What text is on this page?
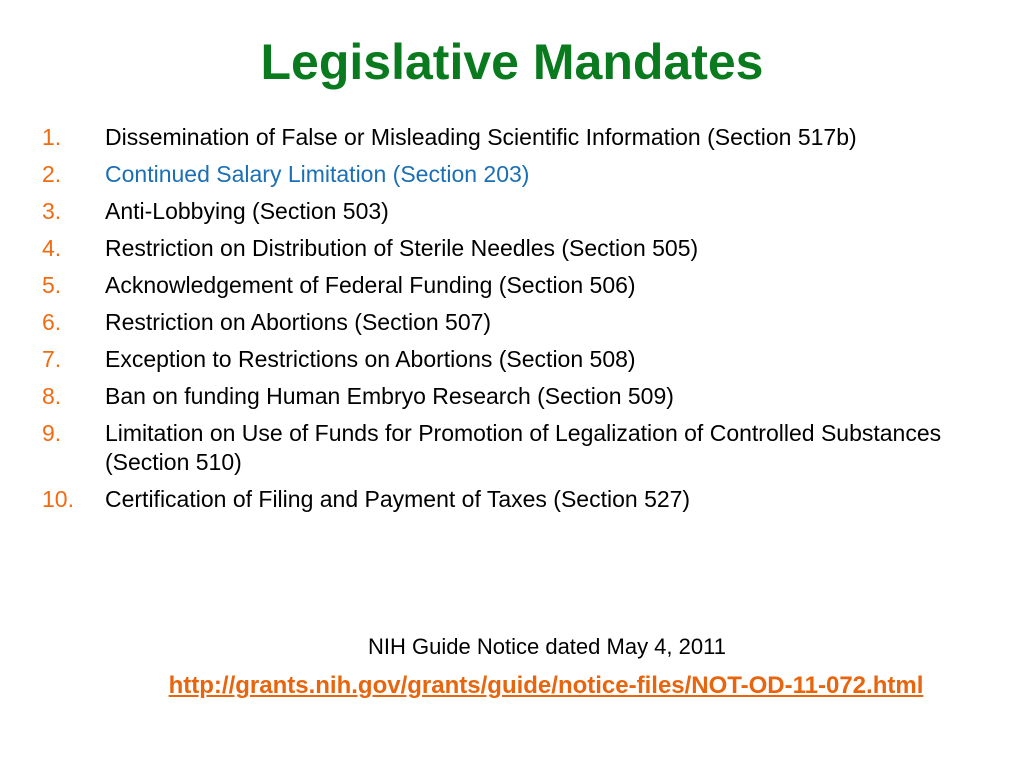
Legislative Mandates
1.	Dissemination of False or Misleading Scientific Information (Section 517b)
2.	Continued Salary Limitation (Section 203)
3.	Anti-Lobbying (Section 503)
4.	Restriction on Distribution of Sterile Needles (Section 505)
5.	Acknowledgement of Federal Funding (Section 506)
6.	Restriction on Abortions (Section 507)
7.	Exception to Restrictions on Abortions (Section 508)
8.	Ban on funding Human Embryo Research (Section 509)
9.	Limitation on Use of Funds for Promotion of Legalization of Controlled Substances (Section 510)
10.	Certification of Filing and Payment of Taxes (Section 527)
NIH Guide Notice dated May 4, 2011
http://grants.nih.gov/grants/guide/notice-files/NOT-OD-11-072.html
